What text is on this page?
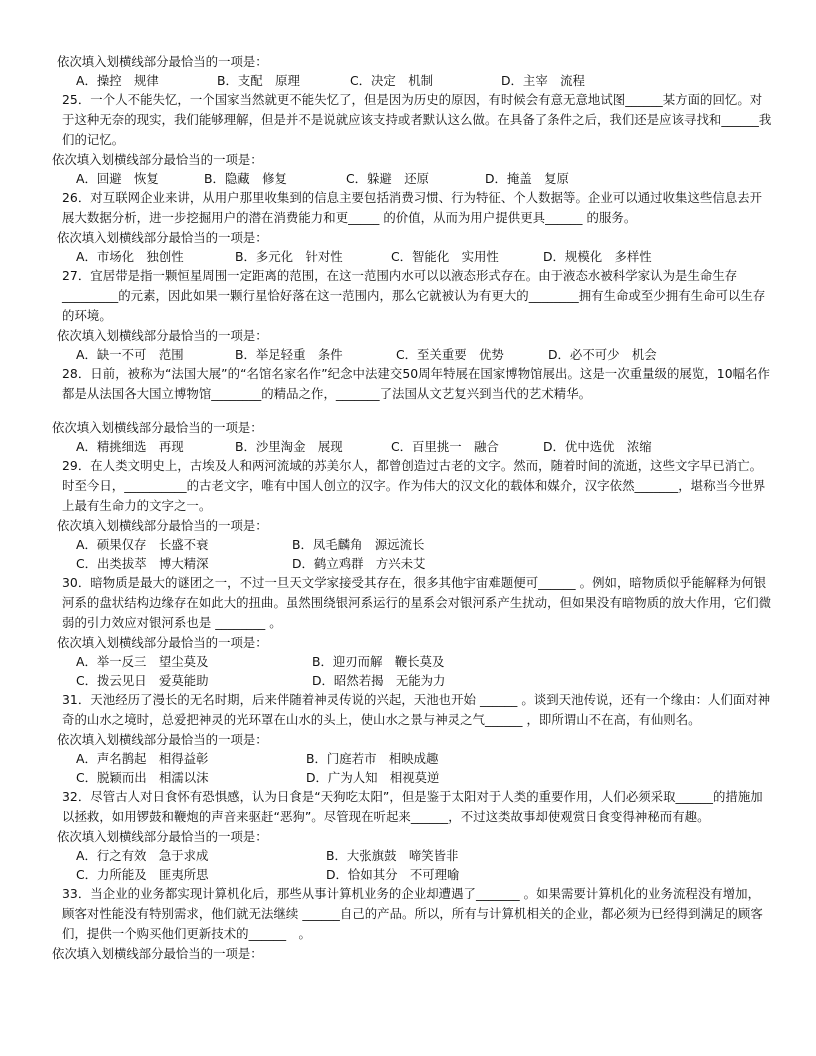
依次填入划横线部分最恰当的一项是：
A．操控　规律	B．支配　原理	C．决定　机制	D．主宰　流程

25．一个人不能失忆，一个国家当然就更不能失忆了，但是因为历史的原因，有时候会有意无意地试图______某方面的回忆。对于这种无奈的现实，我们能够理解，但是并不是说就应该支持或者默认这么做。在具备了条件之后，我们还是应该寻找和______我们的记忆。

依次填入划横线部分最恰当的一项是：
A．回避　恢复	B．隐藏　修复	C．躲避　还原	D．掩盖　复原

26．对互联网企业来讲，从用户那里收集到的信息主要包括消费习惯、行为特征、个人数据等。企业可以通过收集这些信息去开展大数据分析，进一步挖掘用户的潜在消费能力和更_____ 的价值，从而为用户提供更具______ 的服务。

依次填入划横线部分最恰当的一项是：
A．市场化　独创性	B．多元化　针对性	C．智能化　实用性	D．规模化　多样性

27．宜居带是指一颗恒星周围一定距离的范围，在这一范围内水可以以液态形式存在。由于液态水被科学家认为是生命生存_________的元素，因此如果一颗行星恰好落在这一范围内，那么它就被认为有更大的________拥有生命或至少拥有生命可以生存的环境。

依次填入划横线部分最恰当的一项是：
A．缺一不可　范围	B．举足轻重　条件	C．至关重要　优势	D．必不可少　机会

28．日前，被称为“法国大展”的“名馆名家名作”纪念中法建交50周年特展在国家博物馆展出。这是一次重量级的展览，10幅名作都是从法国各大国立博物馆________的精品之作，_______了法国从文艺复兴到当代的艺术精华。

依次填入划横线部分最恰当的一项是：
A．精挑细选　再现	B．沙里淘金　展现	C．百里挑一　融合	D．优中选优　浓缩

29．在人类文明史上，古埃及人和两河流域的苏美尔人，都曾创造过古老的文字。然而，随着时间的流逝，这些文字早已消亡。时至今日，__________的古老文字，唯有中国人创立的汉字。作为伟大的汉文化的载体和媒介，汉字依然_______，堪称当今世界上最有生命力的文字之一。

依次填入划横线部分最恰当的一项是：
A．硕果仅存　长盛不衰	B．凤毛麟角　源远流长
C．出类拔萃　博大精深	D．鹤立鸡群　方兴未艾

30．暗物质是最大的谜团之一，不过一旦天文学家接受其存在，很多其他宇宙难题便可______ 。例如，暗物质似乎能解释为何银河系的盘状结构边缘存在如此大的扭曲。虽然围绕银河系运行的星系会对银河系产生扰动，但如果没有暗物质的放大作用，它们微弱的引力效应对银河系也是 ________ 。

依次填入划横线部分最恰当的一项是：
A．举一反三　望尘莫及	B．迎刃而解　鞭长莫及
C．拨云见日　爱莫能助	D．昭然若揭　无能为力

31．天池经历了漫长的无名时期，后来伴随着神灵传说的兴起，天池也开始 ______ 。谈到天池传说，还有一个缘由：人们面对神奇的山水之境时，总爱把神灵的光环罩在山水的头上，使山水之景与神灵之气______ ，即所谓山不在高，有仙则名。

依次填入划横线部分最恰当的一项是：
A．声名鹊起　相得益彰	B．门庭若市　相映成趣
C．脱颖而出　相濡以沫	D．广为人知　相视莫逆

32．尽管古人对日食怀有恐惧感，认为日食是“天狗吃太阳”，但是鉴于太阳对于人类的重要作用，人们必须采取______的措施加以拯救，如用锣鼓和鞭炮的声音来驱赶“恶狗”。尽管现在听起来______，不过这类故事却使观赏日食变得神秘而有趣。

依次填入划横线部分最恰当的一项是：
A．行之有效　急于求成	B．大张旗鼓　啼笑皆非
C．力所能及　匪夷所思	D．恰如其分　不可理喻

33．当企业的业务都实现计算机化后，那些从事计算机业务的企业却遭遇了_______ 。如果需要计算机化的业务流程没有增加，顾客对性能没有特别需求，他们就无法继续 ______自己的产品。所以，所有与计算机相关的企业，都必须为已经得到满足的顾客们，提供一个购买他们更新技术的______　。

依次填入划横线部分最恰当的一项是：
